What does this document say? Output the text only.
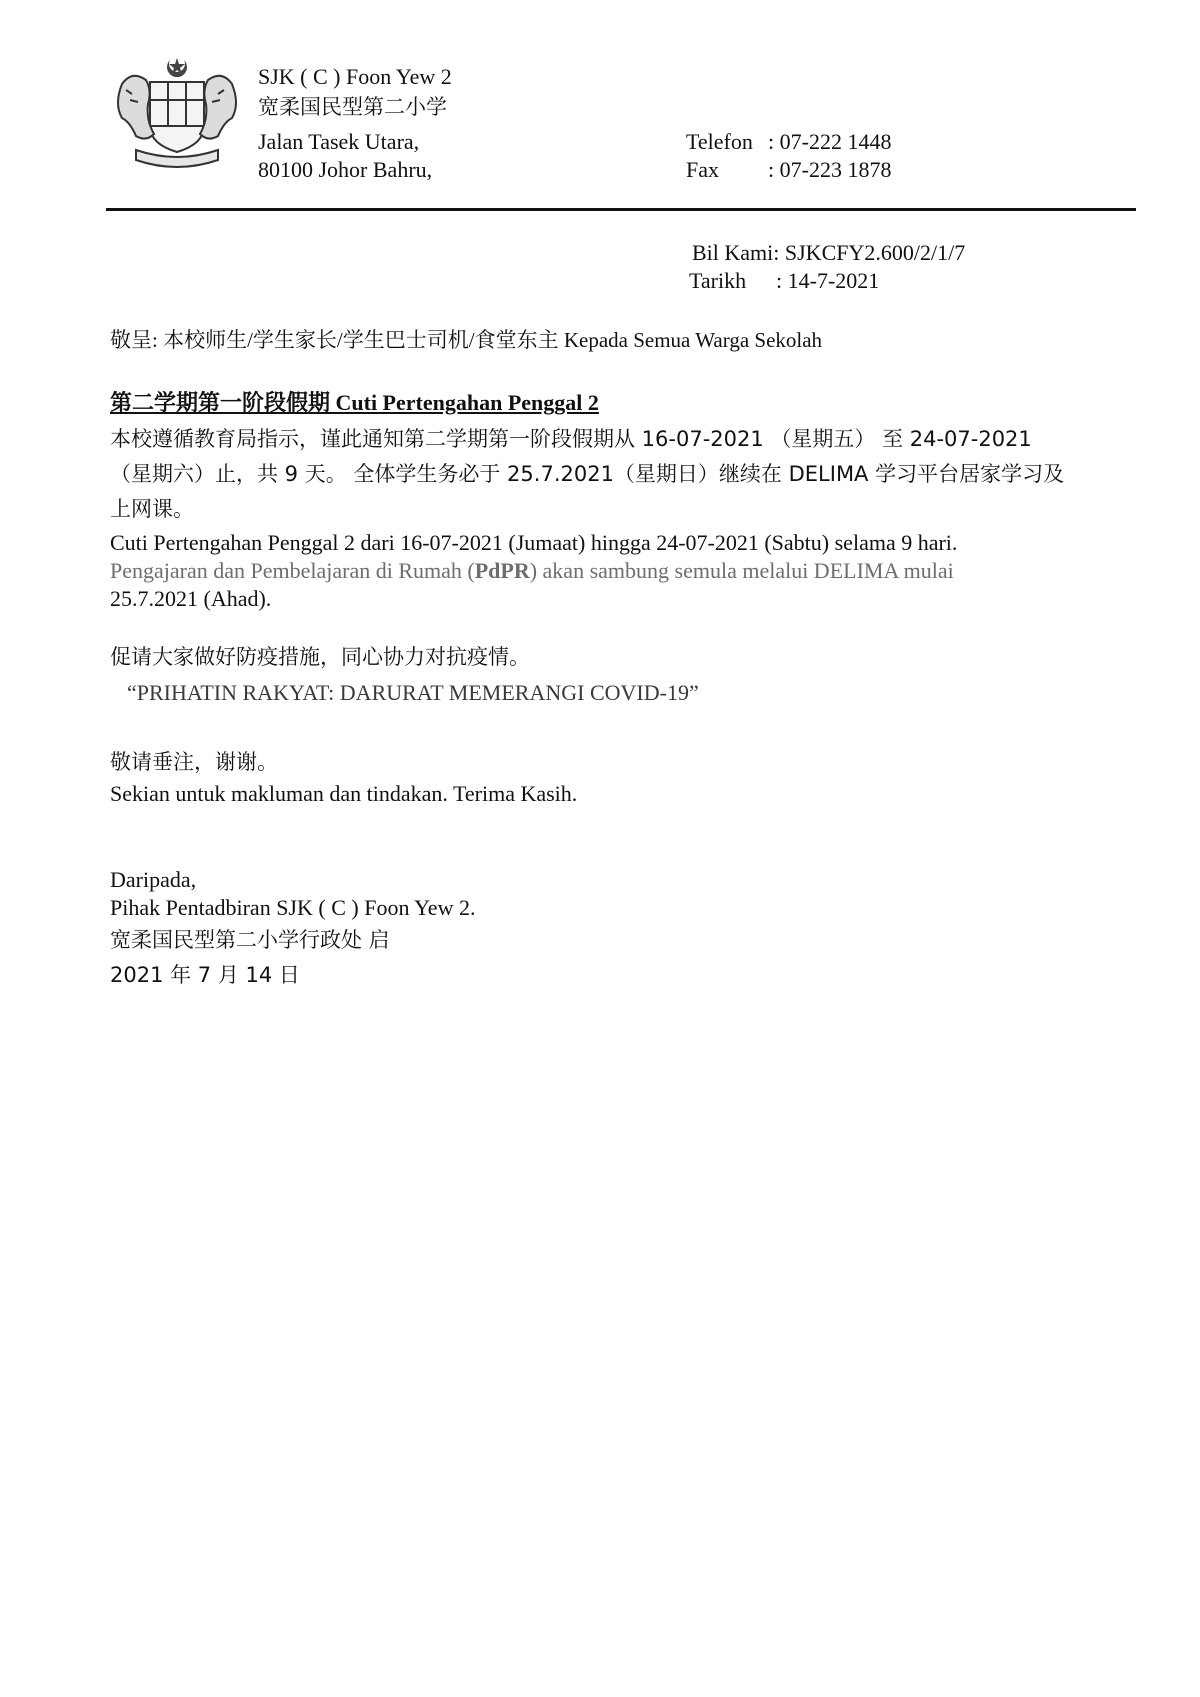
SJK ( C ) Foon Yew 2
宽柔国民型第二小学
Jalan Tasek Utara,
80100 Johor Bahru,
Telefon : 07-222 1448
Fax : 07-223 1878
Bil Kami: SJKCFY2.600/2/1/7
Tarikh : 14-7-2021
敬呈: 本校师生/学生家长/学生巴士司机/食堂东主 Kepada Semua Warga Sekolah
第二学期第一阶段假期 Cuti Pertengahan Penggal 2
本校遵循教育局指示，谨此通知第二学期第一阶段假期从 16-07-2021 （星期五） 至 24-07-2021
（星期六）止，共 9 天。 全体学生务必于 25.7.2021（星期日）继续在 DELIMA 学习平台居家学习及
上网课。
Cuti Pertengahan Penggal 2 dari 16-07-2021 (Jumaat) hingga 24-07-2021 (Sabtu) selama 9 hari.
Pengajaran dan Pembelajaran di Rumah (PdPR) akan sambung semula melalui DELIMA mulai
25.7.2021 (Ahad).
促请大家做好防疫措施，同心协力对抗疫情。
“PRIHATIN RAKYAT: DARURAT MEMERANGI COVID-19”
敬请垂注，谢谢。
Sekian untuk makluman dan tindakan. Terima Kasih.
Daripada,
Pihak Pentadbiran SJK ( C ) Foon Yew 2.
宽柔国民型第二小学行政处 启
2021 年 7 月 14 日
